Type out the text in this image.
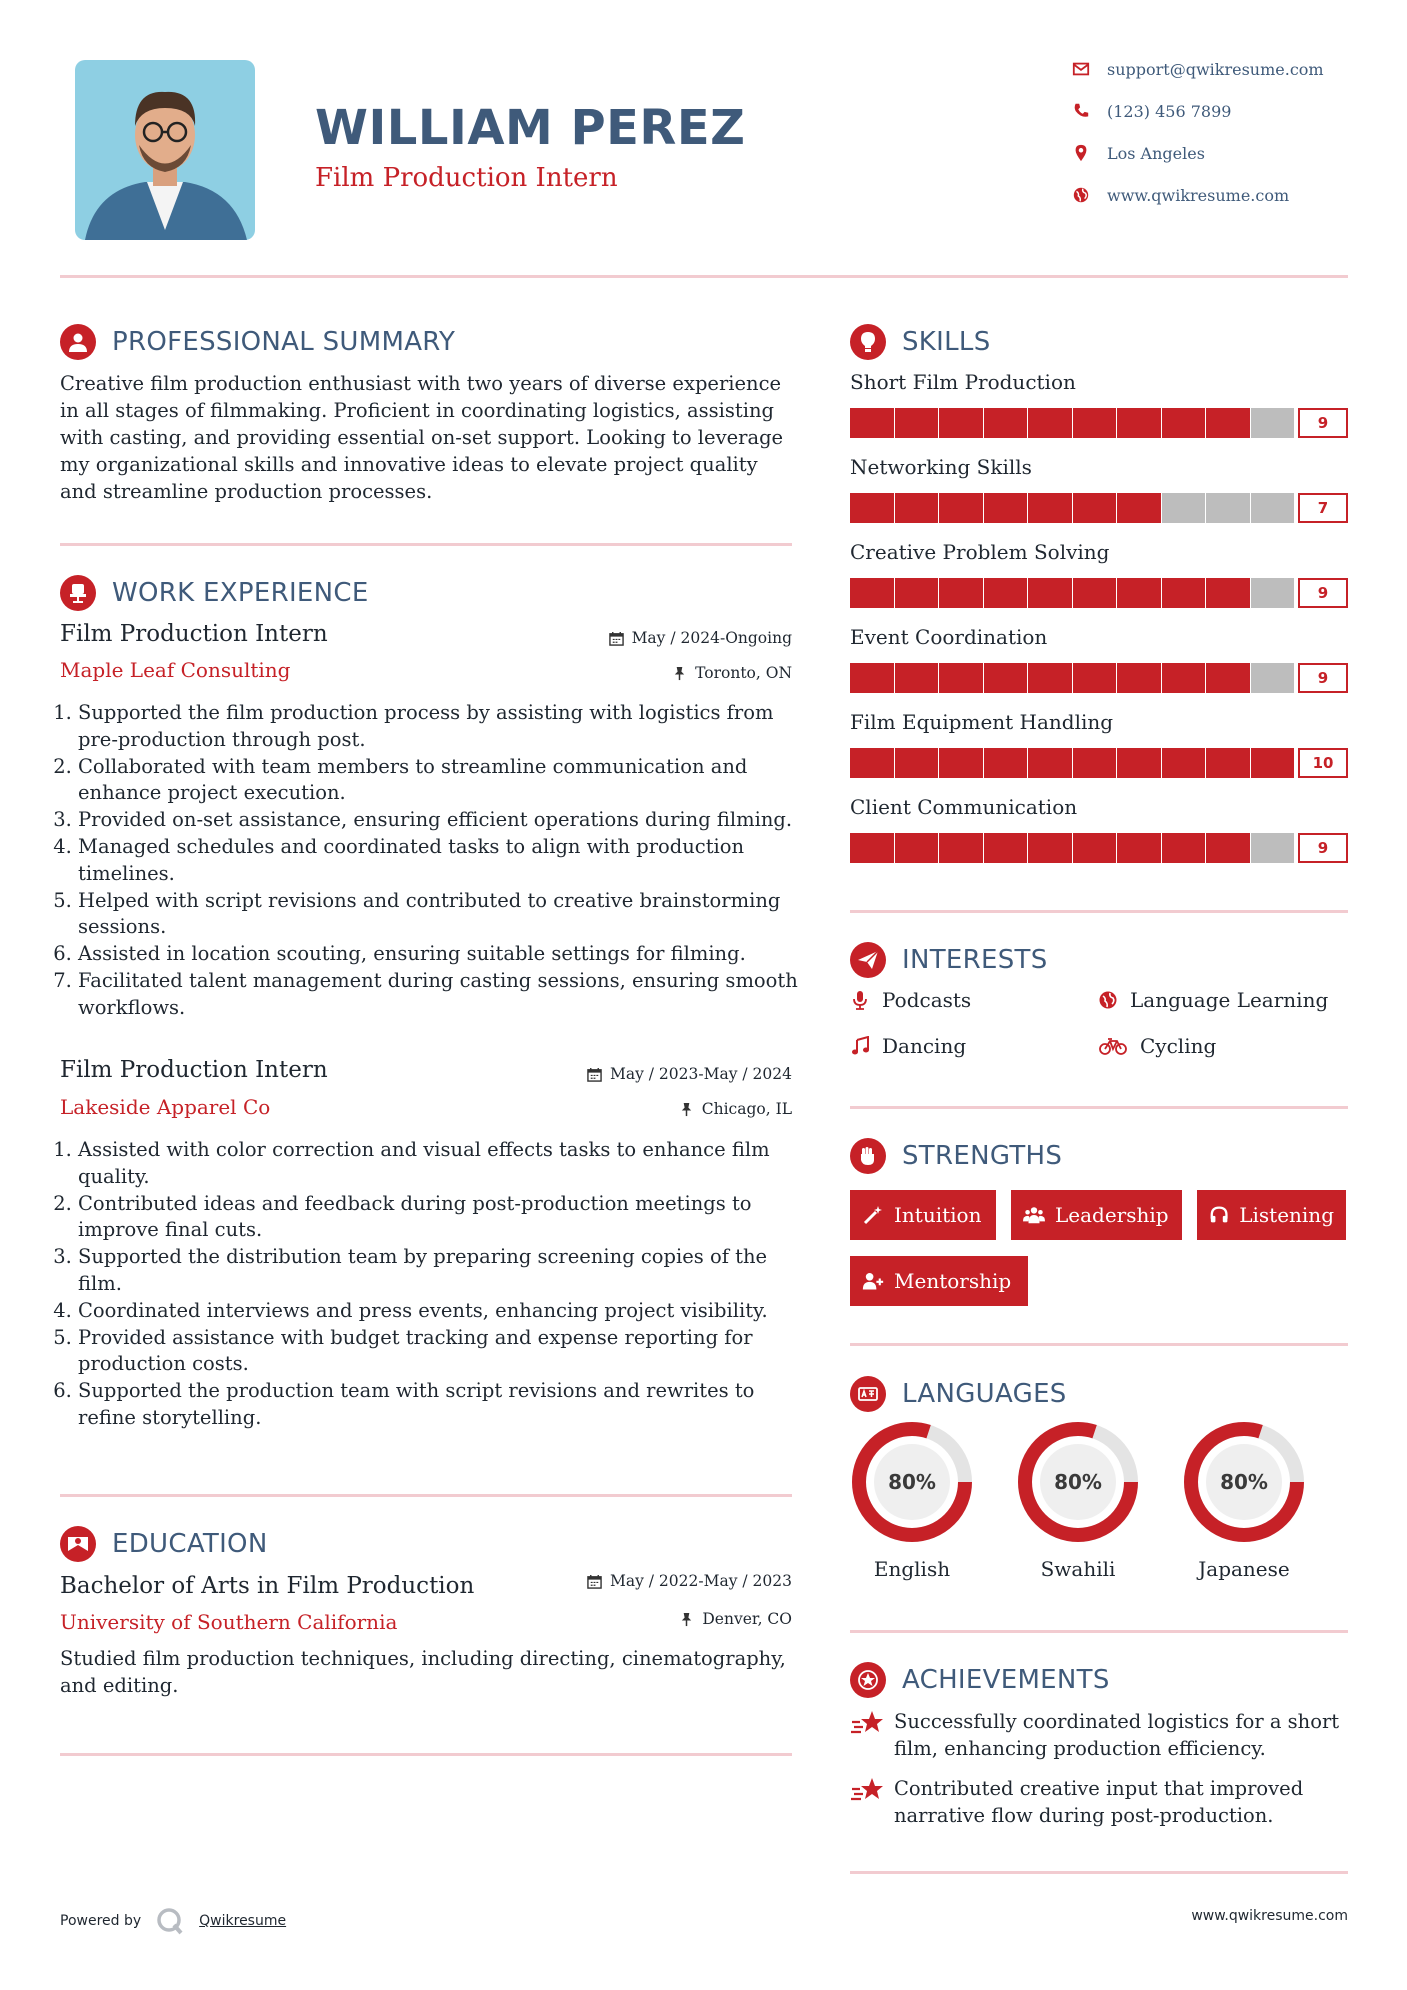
WILLIAM PEREZ
Film Production Intern
support@qwikresume.com
(123) 456 7899
Los Angeles
www.qwikresume.com
PROFESSIONAL SUMMARY
Creative film production enthusiast with two years of diverse experience in all stages of filmmaking. Proficient in coordinating logistics, assisting with casting, and providing essential on-set support. Looking to leverage my organizational skills and innovative ideas to elevate project quality and streamline production processes.
WORK EXPERIENCE
Film Production Intern	May / 2024-Ongoing
Maple Leaf Consulting	Toronto, ON
1. Supported the film production process by assisting with logistics from pre-production through post.
2. Collaborated with team members to streamline communication and enhance project execution.
3. Provided on-set assistance, ensuring efficient operations during filming.
4. Managed schedules and coordinated tasks to align with production timelines.
5. Helped with script revisions and contributed to creative brainstorming sessions.
6. Assisted in location scouting, ensuring suitable settings for filming.
7. Facilitated talent management during casting sessions, ensuring smooth workflows.
Film Production Intern	May / 2023-May / 2024
Lakeside Apparel Co	Chicago, IL
1. Assisted with color correction and visual effects tasks to enhance film quality.
2. Contributed ideas and feedback during post-production meetings to improve final cuts.
3. Supported the distribution team by preparing screening copies of the film.
4. Coordinated interviews and press events, enhancing project visibility.
5. Provided assistance with budget tracking and expense reporting for production costs.
6. Supported the production team with script revisions and rewrites to refine storytelling.
EDUCATION
Bachelor of Arts in Film Production	May / 2022-May / 2023
University of Southern California	Denver, CO
Studied film production techniques, including directing, cinematography, and editing.
SKILLS
Short Film Production
9
Networking Skills
7
Creative Problem Solving
9
Event Coordination
9
Film Equipment Handling
10
Client Communication
9
INTERESTS
Podcasts	Language Learning
Dancing	Cycling
STRENGTHS
Intuition	Leadership	Listening
Mentorship
LANGUAGES
80%
English
80%
Swahili
80%
Japanese
ACHIEVEMENTS
Successfully coordinated logistics for a short film, enhancing production efficiency.
Contributed creative input that improved narrative flow during post-production.
Powered by	Qwikresume	www.qwikresume.com
